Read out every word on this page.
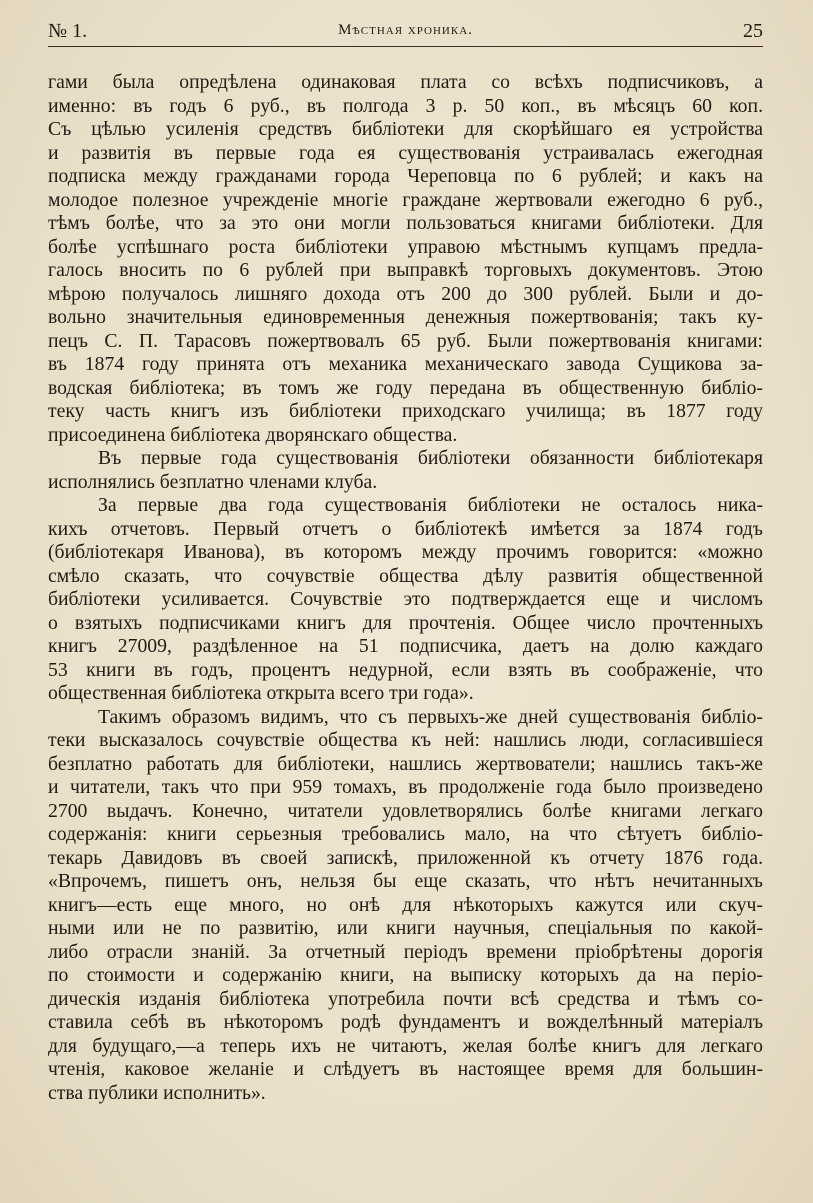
№ 1.	Мѣстная хроника.	25
гами была опредѣлена одинаковая плата со всѣхъ подписчиковъ, а
именно: въ годъ 6 руб., въ полгода 3 р. 50 коп., въ мѣсяцъ 60 коп.
Съ цѣлью усиленія средствъ библіотеки для скорѣйшаго ея устройства
и развитія въ первые года ея существованія устраивалась ежегодная
подписка между гражданами города Череповца по 6 рублей; и какъ на
молодое полезное учрежденіе многіе граждане жертвовали ежегодно 6 руб.,
тѣмъ болѣе, что за это они могли пользоваться книгами библіотеки. Для
болѣе успѣшнаго роста библіотеки управою мѣстнымъ купцамъ предла-
галось вносить по 6 рублей при выправкѣ торговыхъ документовъ. Этою
мѣрою получалось лишняго дохода отъ 200 до 300 рублей. Были и до-
вольно значительныя единовременныя денежныя пожертвованія; такъ ку-
пецъ С. П. Тарасовъ пожертвовалъ 65 руб. Были пожертвованія книгами:
въ 1874 году принята отъ механика механическаго завода Сущикова за-
водская библіотека; въ томъ же году передана въ общественную библіо-
теку часть книгъ изъ библіотеки приходскаго училища; въ 1877 году
присоединена библіотека дворянскаго общества.
Въ первые года существованія библіотеки обязанности библіотекаря
исполнялись безплатно членами клуба.
За первые два года существованія библіотеки не осталось ника-
кихъ отчетовъ. Первый отчетъ о библіотекѣ имѣется за 1874 годъ
(библіотекаря Иванова), въ которомъ между прочимъ говорится: «можно
смѣло сказать, что сочувствіе общества дѣлу развитія общественной
библіотеки усиливается. Сочувствіе это подтверждается еще и числомъ
о взятыхъ подписчиками книгъ для прочтенія. Общее число прочтенныхъ
книгъ 27009, раздѣленное на 51 подписчика, даетъ на долю каждаго
53 книги въ годъ, процентъ недурной, если взять въ соображеніе, что
общественная библіотека открыта всего три года».
Такимъ образомъ видимъ, что съ первыхъ-же дней существованія библіо-
теки высказалось сочувствіе общества къ ней: нашлись люди, согласившіеся
безплатно работать для библіотеки, нашлись жертвователи; нашлись такъ-же
и читатели, такъ что при 959 томахъ, въ продолженіе года было произведено
2700 выдачъ. Конечно, читатели удовлетворялись болѣе книгами легкаго
содержанія: книги серьезныя требовались мало, на что сѣтуетъ библіо-
текарь Давидовъ въ своей запискѣ, приложенной къ отчету 1876 года.
«Впрочемъ, пишетъ онъ, нельзя бы еще сказать, что нѣтъ нечитанныхъ
книгъ—есть еще много, но онѣ для нѣкоторыхъ кажутся или скуч-
ными или не по развитію, или книги научныя, спеціальныя по какой-
либо отрасли знаній. За отчетный періодъ времени пріобрѣтены дорогія
по стоимости и содержанію книги, на выписку которыхъ да на періо-
дическія изданія библіотека употребила почти всѣ средства и тѣмъ со-
ставила себѣ въ нѣкоторомъ родѣ фундаментъ и вожделѣнный матеріалъ
для будущаго,—а теперь ихъ не читаютъ, желая болѣе книгъ для легкаго
чтенія, каковое желаніе и слѣдуетъ въ настоящее время для большин-
ства публики исполнить».
